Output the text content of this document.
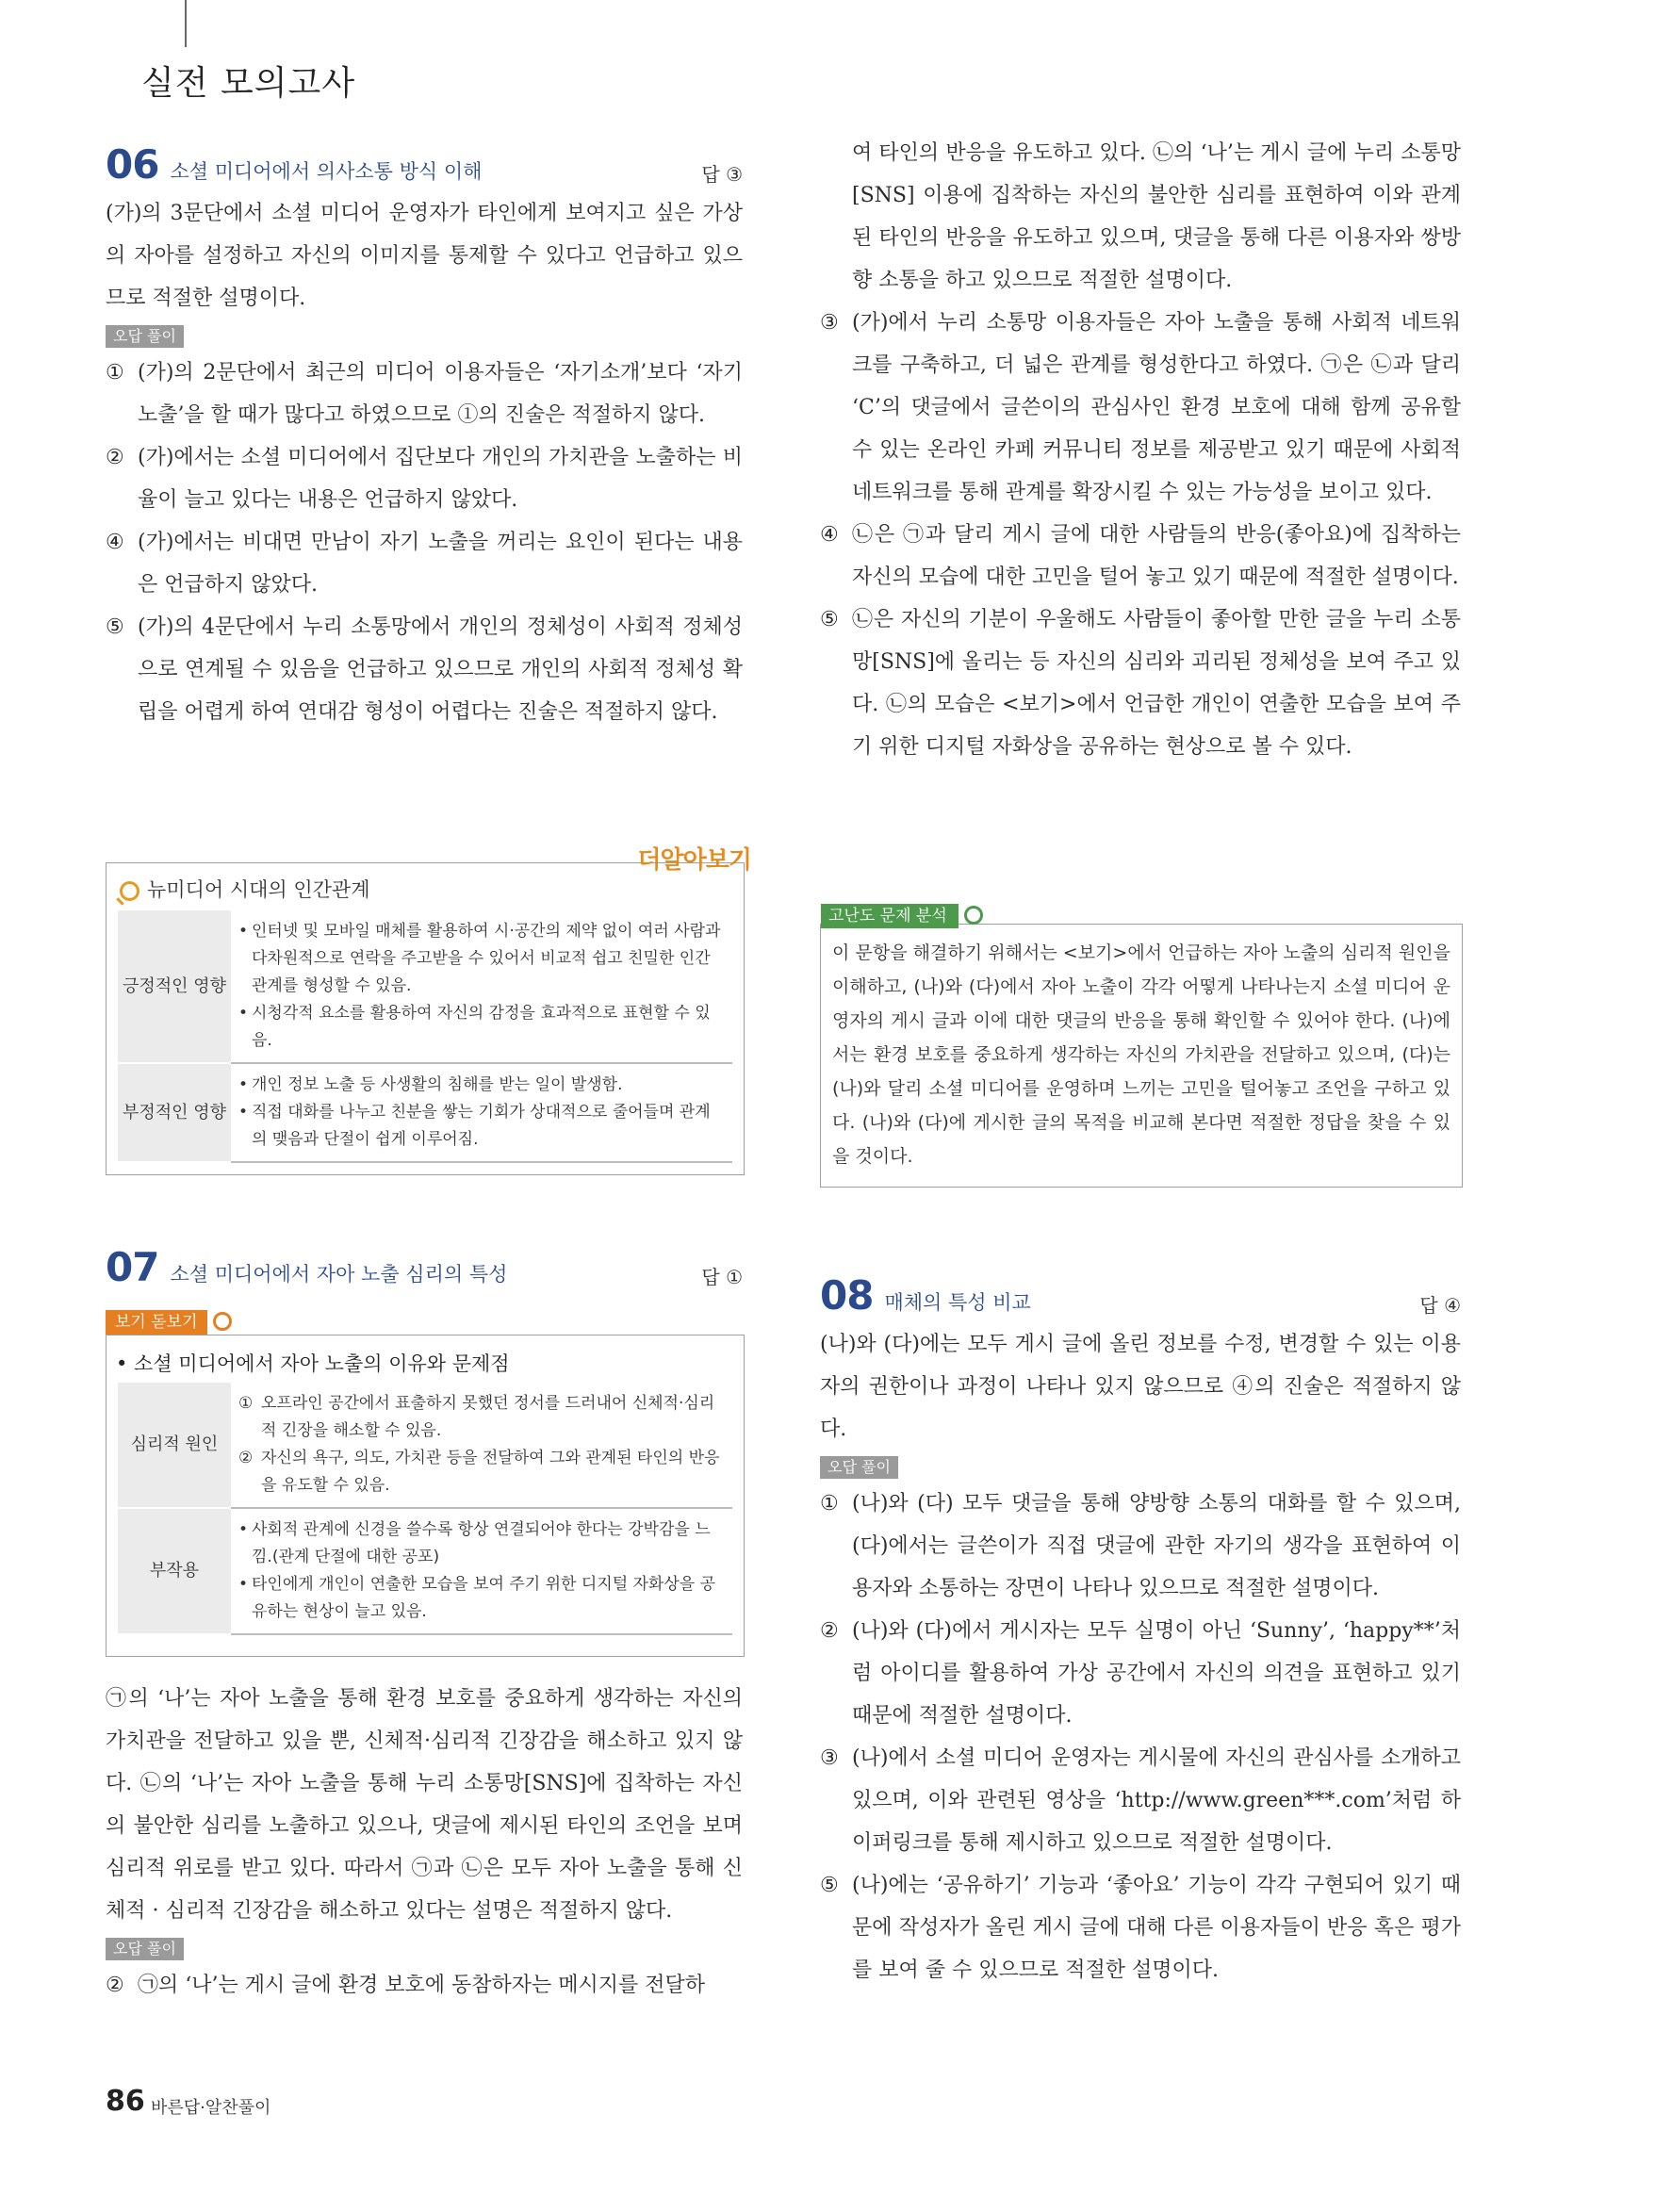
실전 모의고사
06 소셜 미디어에서 의사소통 방식 이해	답 ③

(가)의 3문단에서 소셜 미디어 운영자가 타인에게 보여지고 싶은 가상의 자아를 설정하고 자신의 이미지를 통제할 수 있다고 언급하고 있으므로 적절한 설명이다.

오답 풀이
① (가)의 2문단에서 최근의 미디어 이용자들은 ‘자기소개’보다 ‘자기 노출’을 할 때가 많다고 하였으므로 ①의 진술은 적절하지 않다.
② (가)에서는 소셜 미디어에서 집단보다 개인의 가치관을 노출하는 비율이 늘고 있다는 내용은 언급하지 않았다.
④ (가)에서는 비대면 만남이 자기 노출을 꺼리는 요인이 된다는 내용은 언급하지 않았다.
⑤ (가)의 4문단에서 누리 소통망에서 개인의 정체성이 사회적 정체성으로 연계될 수 있음을 언급하고 있으므로 개인의 사회적 정체성 확립을 어렵게 하여 연대감 형성이 어렵다는 진술은 적절하지 않다.
더알아보기
뉴미디어 시대의 인간관계
긍정적인 영향	• 인터넷 및 모바일 매체를 활용하여 시·공간의 제약 없이 여러 사람과 다차원적으로 연락을 주고받을 수 있어서 비교적 쉽고 친밀한 인간관계를 형성할 수 있음.
• 시청각적 요소를 활용하여 자신의 감정을 효과적으로 표현할 수 있음.

부정적인 영향	• 개인 정보 노출 등 사생활의 침해를 받는 일이 발생함.
• 직접 대화를 나누고 친분을 쌓는 기회가 상대적으로 줄어들며 관계의 맺음과 단절이 쉽게 이루어짐.
07 소셜 미디어에서 자아 노출 심리의 특성	답 ①
보기 돋보기
• 소셜 미디어에서 자아 노출의 이유와 문제점
심리적 원인	① 오프라인 공간에서 표출하지 못했던 정서를 드러내어 신체적·심리적 긴장을 해소할 수 있음.
② 자신의 욕구, 의도, 가치관 등을 전달하여 그와 관계된 타인의 반응을 유도할 수 있음.

부작용	• 사회적 관계에 신경을 쓸수록 항상 연결되어야 한다는 강박감을 느낌.(관계 단절에 대한 공포)
• 타인에게 개인이 연출한 모습을 보여 주기 위한 디지털 자화상을 공유하는 현상이 늘고 있음.

㉠의 ‘나’는 자아 노출을 통해 환경 보호를 중요하게 생각하는 자신의 가치관을 전달하고 있을 뿐, 신체적·심리적 긴장감을 해소하고 있지 않다. ㉡의 ‘나’는 자아 노출을 통해 누리 소통망[SNS]에 집착하는 자신의 불안한 심리를 노출하고 있으나, 댓글에 제시된 타인의 조언을 보며 심리적 위로를 받고 있다. 따라서 ㉠과 ㉡은 모두 자아 노출을 통해 신체적 · 심리적 긴장감을 해소하고 있다는 설명은 적절하지 않다.

오답 풀이
② ㉠의 ‘나’는 게시 글에 환경 보호에 동참하자는 메시지를 전달하
여 타인의 반응을 유도하고 있다. ㉡의 ‘나’는 게시 글에 누리 소통망[SNS] 이용에 집착하는 자신의 불안한 심리를 표현하여 이와 관계된 타인의 반응을 유도하고 있으며, 댓글을 통해 다른 이용자와 쌍방향 소통을 하고 있으므로 적절한 설명이다.
③ (가)에서 누리 소통망 이용자들은 자아 노출을 통해 사회적 네트워크를 구축하고, 더 넓은 관계를 형성한다고 하였다. ㉠은 ㉡과 달리 ‘C’의 댓글에서 글쓴이의 관심사인 환경 보호에 대해 함께 공유할 수 있는 온라인 카페 커뮤니티 정보를 제공받고 있기 때문에 사회적 네트워크를 통해 관계를 확장시킬 수 있는 가능성을 보이고 있다.
④ ㉡은 ㉠과 달리 게시 글에 대한 사람들의 반응(좋아요)에 집착하는 자신의 모습에 대한 고민을 털어 놓고 있기 때문에 적절한 설명이다.
⑤ ㉡은 자신의 기분이 우울해도 사람들이 좋아할 만한 글을 누리 소통망[SNS]에 올리는 등 자신의 심리와 괴리된 정체성을 보여 주고 있다. ㉡의 모습은 <보기>에서 언급한 개인이 연출한 모습을 보여 주기 위한 디지털 자화상을 공유하는 현상으로 볼 수 있다.
고난도 문제 분석
이 문항을 해결하기 위해서는 <보기>에서 언급하는 자아 노출의 심리적 원인을 이해하고, (나)와 (다)에서 자아 노출이 각각 어떻게 나타나는지 소셜 미디어 운영자의 게시 글과 이에 대한 댓글의 반응을 통해 확인할 수 있어야 한다. (나)에서는 환경 보호를 중요하게 생각하는 자신의 가치관을 전달하고 있으며, (다)는 (나)와 달리 소셜 미디어를 운영하며 느끼는 고민을 털어놓고 조언을 구하고 있다. (나)와 (다)에 게시한 글의 목적을 비교해 본다면 적절한 정답을 찾을 수 있을 것이다.
08 매체의 특성 비교	답 ④

(나)와 (다)에는 모두 게시 글에 올린 정보를 수정, 변경할 수 있는 이용자의 권한이나 과정이 나타나 있지 않으므로 ④의 진술은 적절하지 않다.

오답 풀이
① (나)와 (다) 모두 댓글을 통해 양방향 소통의 대화를 할 수 있으며, (다)에서는 글쓴이가 직접 댓글에 관한 자기의 생각을 표현하여 이용자와 소통하는 장면이 나타나 있으므로 적절한 설명이다.
② (나)와 (다)에서 게시자는 모두 실명이 아닌 ‘Sunny’, ‘happy**’처럼 아이디를 활용하여 가상 공간에서 자신의 의견을 표현하고 있기 때문에 적절한 설명이다.
③ (나)에서 소셜 미디어 운영자는 게시물에 자신의 관심사를 소개하고 있으며, 이와 관련된 영상을 ‘http://www.green***.com’처럼 하이퍼링크를 통해 제시하고 있으므로 적절한 설명이다.
⑤ (나)에는 ‘공유하기’ 기능과 ‘좋아요’ 기능이 각각 구현되어 있기 때문에 작성자가 올린 게시 글에 대해 다른 이용자들이 반응 혹은 평가를 보여 줄 수 있으므로 적절한 설명이다.
86 바른답·알찬풀이
